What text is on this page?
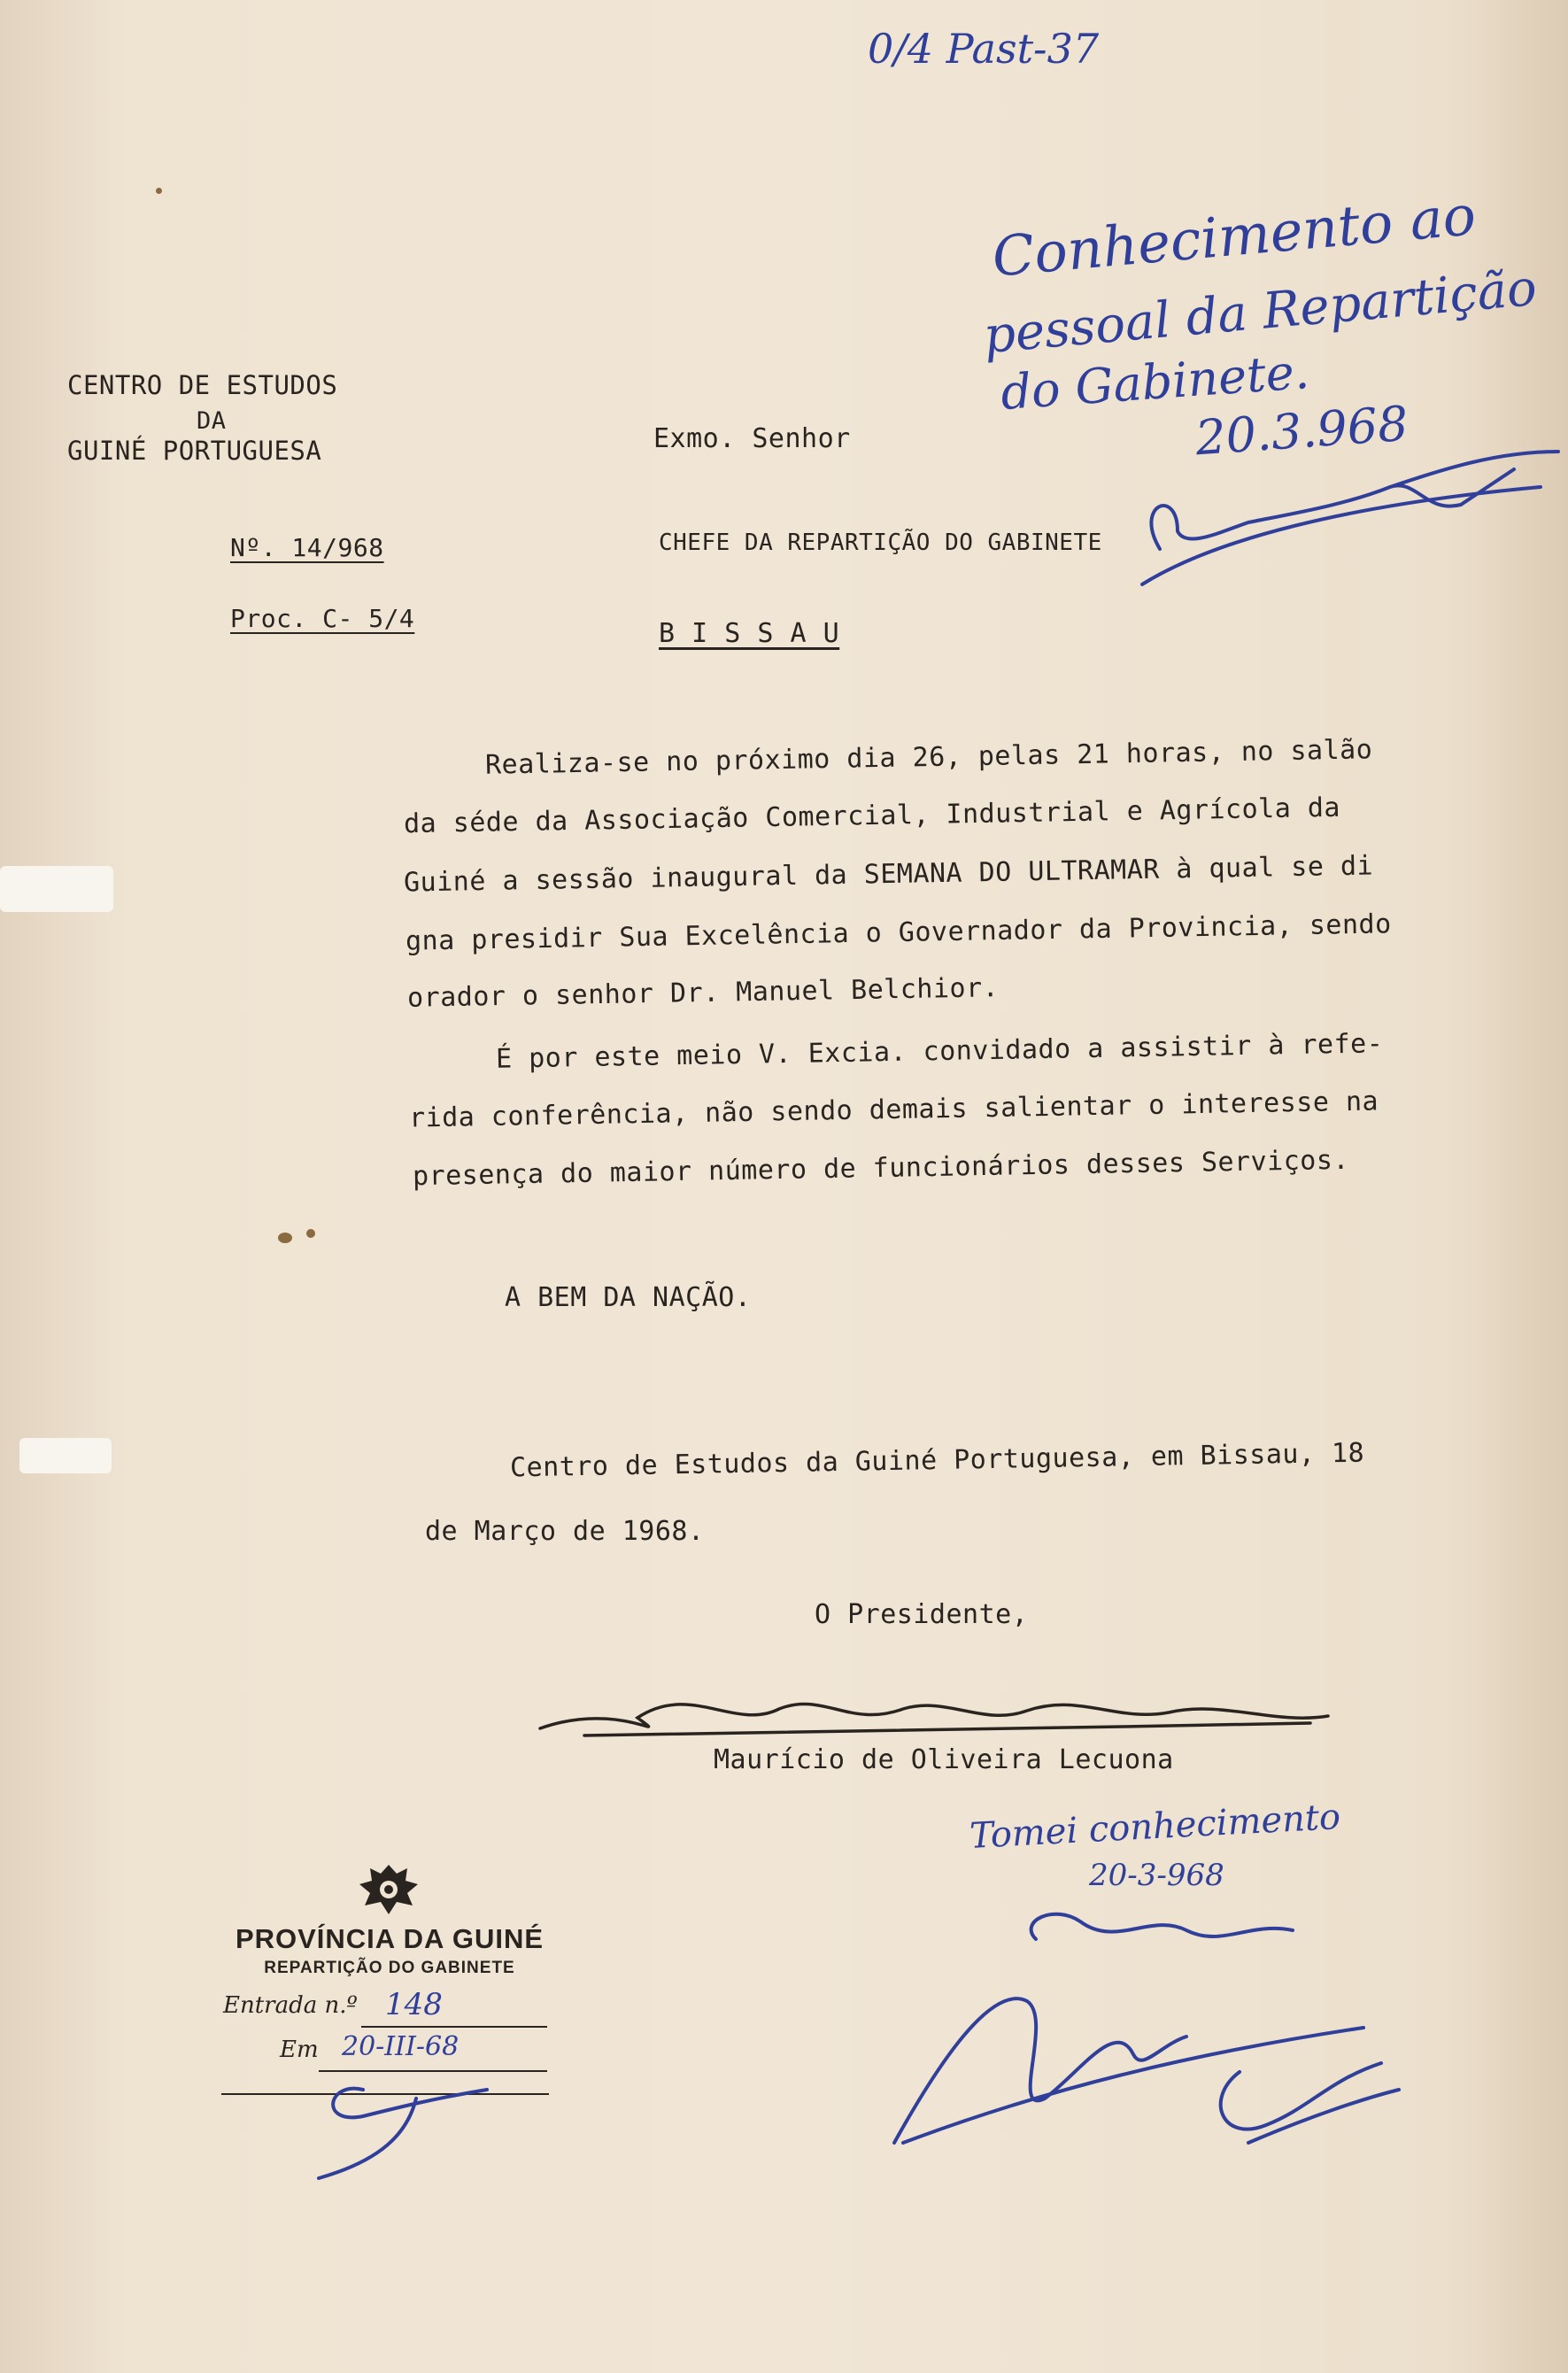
0/4 Past-37
Conhecimento ao
pessoal da Repartição
do Gabinete.
20.3.968
CENTRO DE ESTUDOS
DA
GUINÉ PORTUGUESA
Nº. 14/968
Proc. C- 5/4
Exmo. Senhor
CHEFE DA REPARTIÇÃO DO GABINETE
B I S S A U
Realiza-se no próximo dia 26, pelas 21 horas, no salão
da séde da Associação Comercial, Industrial e Agrícola da
Guiné a sessão inaugural da SEMANA DO ULTRAMAR à qual se di
gna presidir Sua Excelência o Governador da Provincia, sendo
orador o senhor Dr. Manuel Belchior.
É por este meio V. Excia. convidado a assistir à refe-
rida conferência, não sendo demais salientar o interesse na
presença do maior número de funcionários desses Serviços.
A BEM DA NAÇÃO.
Centro de Estudos da Guiné Portuguesa, em Bissau, 18
de Março de 1968.
O Presidente,
Maurício de Oliveira Lecuona
Tomei conhecimento
20-3-968
PROVÍNCIA DA GUINÉ
REPARTIÇÃO DO GABINETE
Entrada n.º 148
Em 20-III-68
